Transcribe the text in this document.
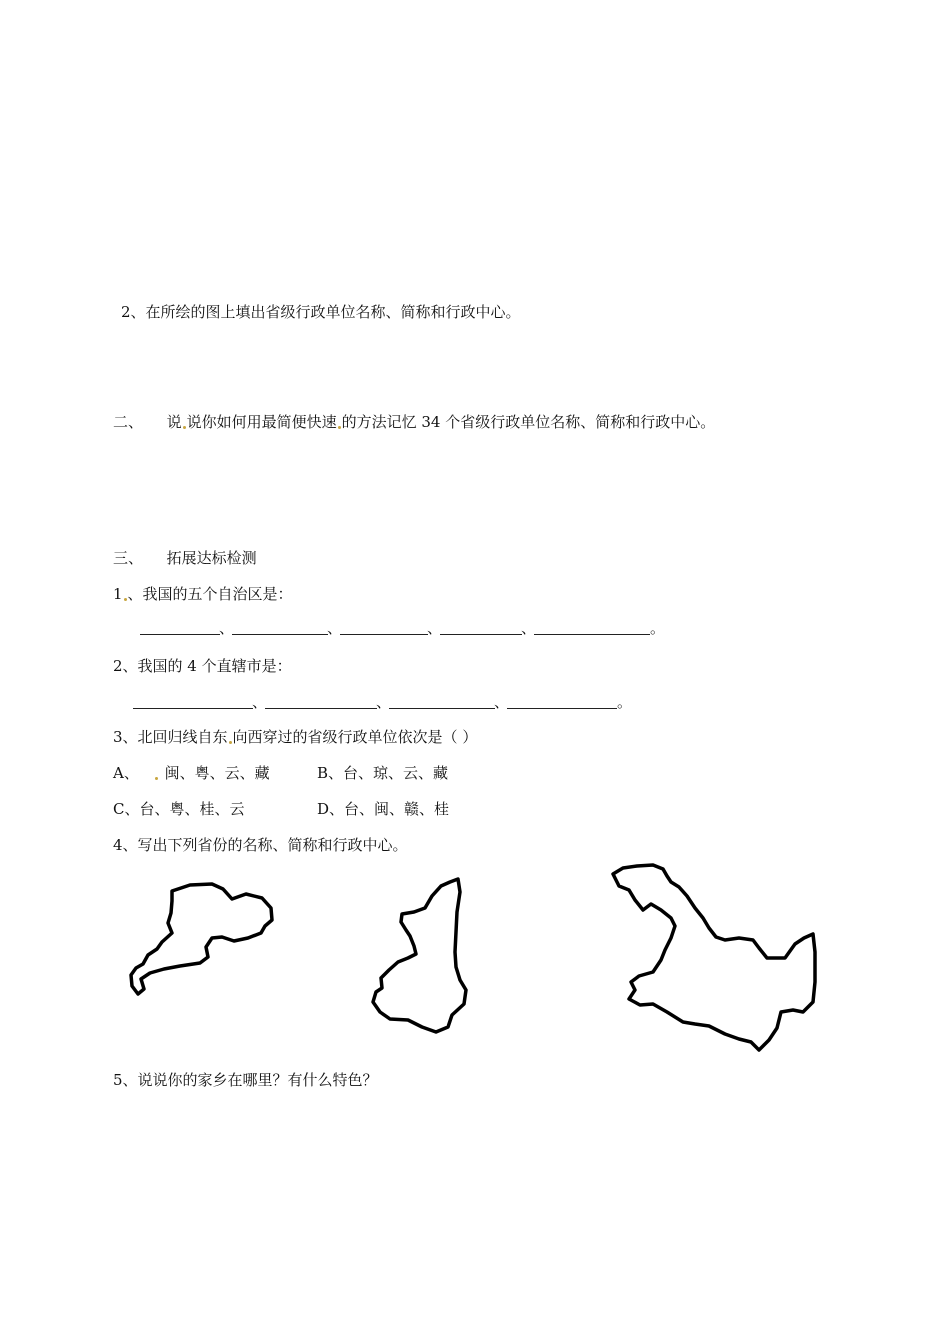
2、在所绘的图上填出省级行政单位名称、简称和行政中心。
二、 说 说你如何用最简便快速 的方法记忆 34 个省级行政单位名称、简称和行政中心。
三、 拓展达标检测
1 、我国的五个自治区是：
、	、	、	、	。
2、我国的 4 个直辖市是：
、	、	、	。
3、北回归线自东 向西穿过的省级行政单位依次是（ ）
A、 闽、粤、云、藏	B、台、琼、云、藏
C、台、粤、桂、云	D、台、闽、赣、桂
4、写出下列省份的名称、简称和行政中心。
5、说说你的家乡在哪里？有什么特色？
